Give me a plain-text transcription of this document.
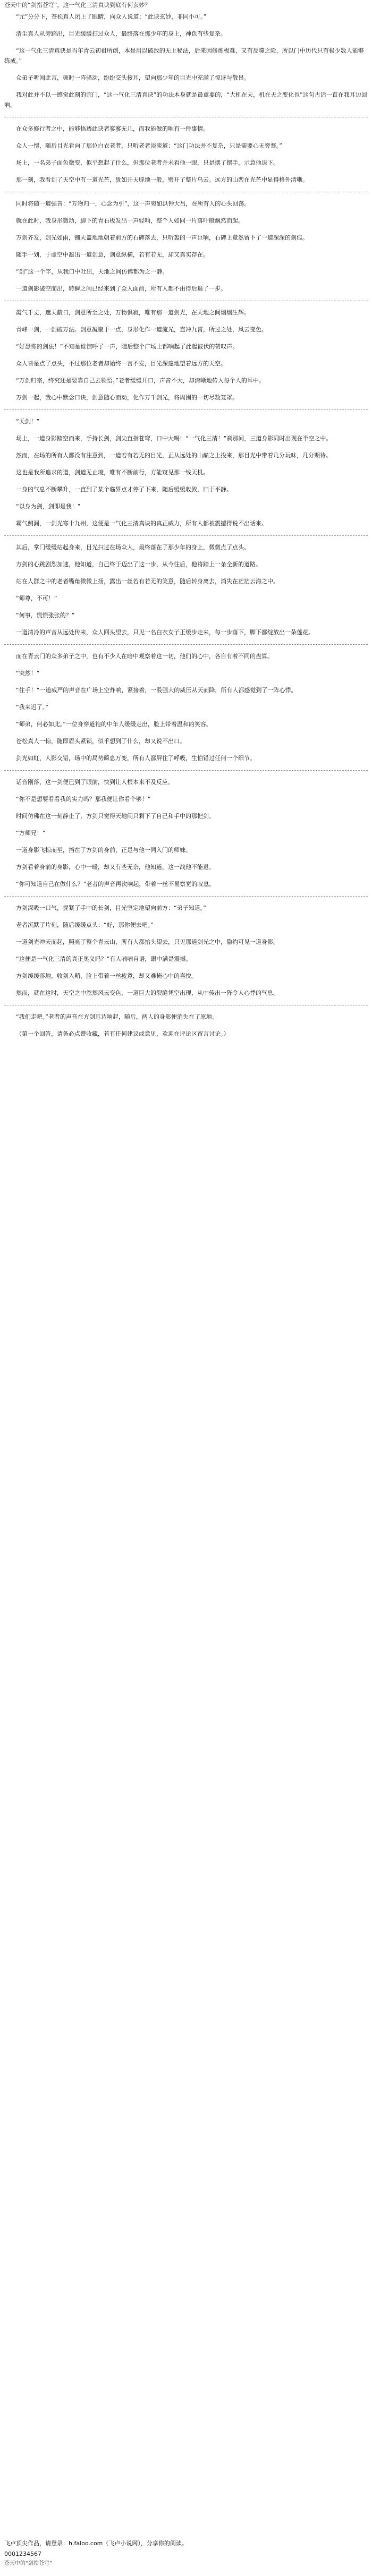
苍天中的“剑指苍穹”，这一气化三清真诀到底有何玄妙？

“元”分分下，苍松真人闭上了眼睛，向众人说道：“此诀玄妙，非同小可。”

清尘真人从旁踏出，目光缓缓扫过众人，最终落在那少年的身上，神色有些复杂。

“这一气化三清真诀是当年青云初祖所创，本是用以破敌的无上秘法，后来因修炼极难，又有反噬之险，所以门中历代只有极少数人能够练成。”

众弟子听闻此言，顿时一阵骚动，纷纷交头接耳，望向那少年的目光中充满了惊讶与敬畏。

我对此并不以一感觉此刻的宗门，“这一气化三清真诀”的功法本身就是最重要的，“大机在天，机在天之变化也”这句古话一直在我耳边回响。

在众多修行者之中，能够悟透此诀者寥寥无几，而我能做的唯有一件事情。

众人一愣，随后目光看向了那位白衣老者，只听老者淡淡道：“这门功法并不复杂，只是需要心无旁骛。”

场上，一名弟子面色微变，似乎想起了什么，但那位老者并未看他一眼，只是摆了摆手，示意他退下。

那一刻，我看到了天空中有一道光芒，犹如开天辟地一般，劈开了整片乌云。远方的山峦在光芒中显得格外清晰。

同时将随一道强音：“万物归一，心念为引”，这一声宛如洪钟大吕，在所有人的心头回荡。

就在此时，我身形微动，脚下的青石板发出一声轻响，整个人如同一片落叶般飘然而起。

万剑齐发，剑光如雨，铺天盖地地朝着前方的石碑落去，只听轰的一声巨响，石碑上竟然留下了一道深深的剑痕。

随手一划，于虚空中凝出一道剑意，剑意纵横，若有若无，却又真实存在。

“剑”这一个字，从我口中吐出，天地之间仿佛都为之一静。

一道剑影破空而出，转瞬之间已经来到了众人面前，所有人都不由得后退了一步。

霞气千丈，遮天蔽日，剑意所至之处，万物俱寂，唯有那一道剑光，在天地之间熠熠生辉。

青峰一剑，一剑破万法。剑意凝聚于一点，身形化作一道流光，直冲九霄，所过之处，风云变色。

“好恐怖的剑法！”不知是谁惊呼了一声，随后整个广场上都响起了此起彼伏的赞叹声。

众人皆是点了点头，不过那位老者却始终一言不发，目光深邃地望着远方的天空。

“万剑归宗，终究还是要靠自己去领悟。”老者缓缓开口，声音不大，却清晰地传入每个人的耳中。

万剑一起，我心中默念口诀，剑意随心而动，化作万千剑光，将周围的一切尽数笼罩。

“天剑！”

场上，一道身影踏空而来，手持长剑，剑尖直指苍穹，口中大喝：“一气化三清！”刹那间，三道身影同时出现在半空之中。

然而，在场的所有人都没有注意到，一道若有若无的目光，正从远处的山巅之上投来，那目光中带着几分玩味，几分期待。

这也是我所追求的道，剑道无止境，唯有不断前行，方能窥见那一线天机。

一身的气息不断攀升，一直到了某个临界点才停了下来，随后缓缓收敛，归于平静。

“以身为剑，剑即是我！”

霸气侧漏，一剑光寒十九州，这便是一气化三清真诀的真正威力，所有人都被震撼得说不出话来。

其后，掌门缓缓站起身来，目光扫过在场众人，最终落在了那少年的身上，微微点了点头。

方剑的心跳剧烈加速，他知道，自己终于迈出了这一步，从今往后，他将踏上一条全新的道路。

站在人群之中的老者嘴角微微上扬，露出一丝若有若无的笑意，随后转身离去，消失在茫茫云海之中。

“师尊，不可！”

“何事，慌慌张张的？”

一道清冷的声音从远处传来，众人回头望去，只见一名白衣女子正缓步走来，每一步落下，脚下都绽放出一朵莲花。

而在青云门的众多弟子之中，也有不少人在暗中观察着这一切，他们的心中，各自有着不同的盘算。

“突然！”

“住手！”一道威严的声音在广场上空炸响，紧接着，一股强大的威压从天而降，所有人都感觉到了一阵心悸。

“我来迟了。”

“师弟，何必如此。”一位身穿道袍的中年人缓缓走出，脸上带着温和的笑容。

苍松真人一惊，随即眉头紧锁，似乎想到了什么，却又说不出口。

剑光如虹，人影交错，场中的局势瞬息万变，所有人都屏住了呼吸，生怕错过任何一个细节。

话音刚落，这一剑便已到了眼前，快到让人根本来不及反应。

“你不是想要看看我的实力吗？那我便让你看个够！”

时间仿佛在这一刻静止了，方剑只觉得天地间只剩下了自己和手中的那把剑。

“方师兄！”

一道身影飞掠而至，挡在了方剑的身前，正是与他一同入门的师妹。

方剑看着身前的身影，心中一暖，却又有些无奈，他知道，这一战他不能退。

“你可知道自己在做什么？”老者的声音再次响起，带着一丝不易察觉的叹息。

方剑深吸一口气，握紧了手中的长剑，目光坚定地望向前方：“弟子知道。”

老者沉默了片刻，随后缓缓点头：“好，那你便去吧。”

一道剑光冲天而起，照亮了整个青云山，所有人都抬头望去，只见那道剑光之中，隐约可见一道身影。

“这便是一气化三清的真正奥义吗？”有人喃喃自语，眼中满是震撼。

方剑缓缓落地，收剑入鞘，脸上带着一丝疲惫，却又难掩心中的喜悦。

然而，就在这时，天空之中忽然风云变色，一道巨大的裂缝凭空出现，从中传出一阵令人心悸的气息。

“我们走吧。”老者的声音在方剑耳边响起，随后，两人的身影便消失在了原地。

（第一个回答，请务必点赞收藏，若有任何建议或意见，欢迎在评论区留言讨论。）

飞卢顶尖作品，请登录：h.faloo.com（飞卢小说网），分享你的阅读。
0001234567
苍天中的“剑指苍穹”
